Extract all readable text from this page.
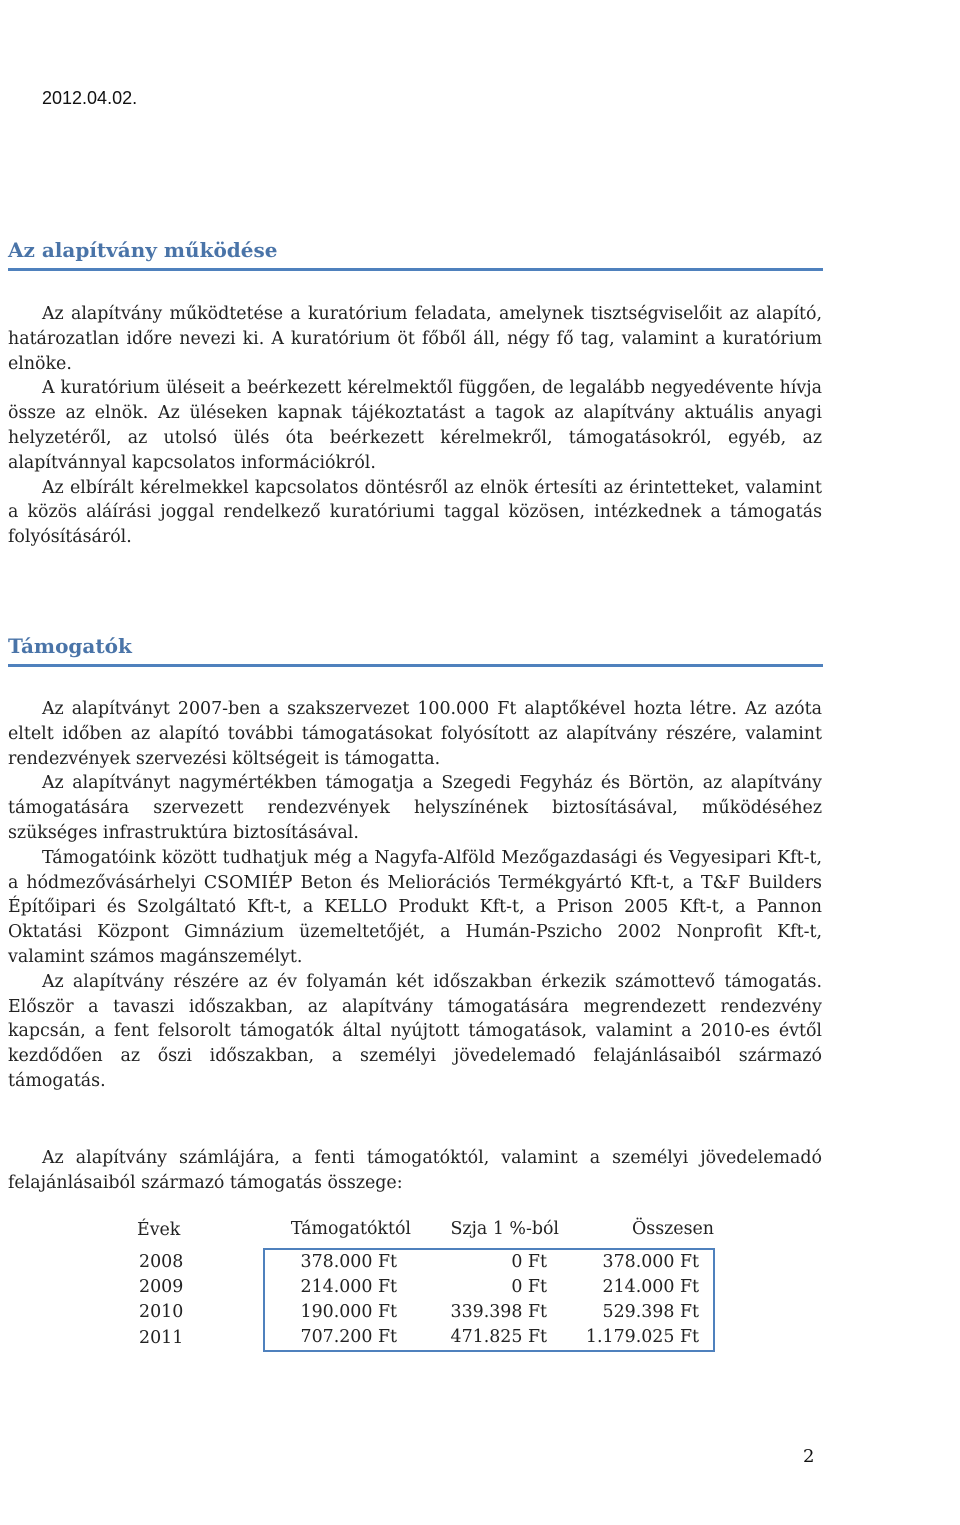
2012.04.02.
Az alapítvány működése

Az alapítvány működtetése a kuratórium feladata, amelynek tisztségviselőit az alapító, határozatlan időre nevezi ki. A kuratórium öt főből áll, négy fő tag, valamint a kuratórium elnöke.

A kuratórium üléseit a beérkezett kérelmektől függően, de legalább negyedévente hívja össze az elnök. Az üléseken kapnak tájékoztatást a tagok az alapítvány aktuális anyagi helyzetéről, az utolsó ülés óta beérkezett kérelmekről, támogatásokról, egyéb, az alapítvánnyal kapcsolatos információkról.

Az elbírált kérelmekkel kapcsolatos döntésről az elnök értesíti az érintetteket, valamint a közös aláírási joggal rendelkező kuratóriumi taggal közösen, intézkednek a támogatás folyósításáról.

Támogatók

Az alapítványt 2007-ben a szakszervezet 100.000 Ft alaptőkével hozta létre. Az azóta eltelt időben az alapító további támogatásokat folyósított az alapítvány részére, valamint rendezvények szervezési költségeit is támogatta.

Az alapítványt nagymértékben támogatja a Szegedi Fegyház és Börtön, az alapítvány támogatására szervezett rendezvények helyszínének biztosításával, működéséhez szükséges infrastruktúra biztosításával.

Támogatóink között tudhatjuk még a Nagyfa-Alföld Mezőgazdasági és Vegyesipari Kft-t, a hódmezővásárhelyi CSOMIÉP Beton és Meliorációs Termékgyártó Kft-t, a T&F Builders Építőipari és Szolgáltató Kft-t, a KELLO Produkt Kft-t, a Prison 2005 Kft-t, a Pannon Oktatási Központ Gimnázium üzemeltetőjét, a Humán-Pszicho 2002 Nonprofit Kft-t, valamint számos magánszemélyt.

Az alapítvány részére az év folyamán két időszakban érkezik számottevő támogatás. Először a tavaszi időszakban, az alapítvány támogatására megrendezett rendezvény kapcsán, a fent felsorolt támogatók által nyújtott támogatások, valamint a 2010-es évtől kezdődően az őszi időszakban, a személyi jövedelemadó felajánlásaiból származó támogatás.

Az alapítvány számlájára, a fenti támogatóktól, valamint a személyi jövedelemadó felajánlásaiból származó támogatás összege:

Évek	Támogatóktól	Szja 1 %-ból	Összesen
2008	378.000 Ft	0 Ft	378.000 Ft
2009	214.000 Ft	0 Ft	214.000 Ft
2010	190.000 Ft	339.398 Ft	529.398 Ft
2011	707.200 Ft	471.825 Ft	1.179.025 Ft
2
